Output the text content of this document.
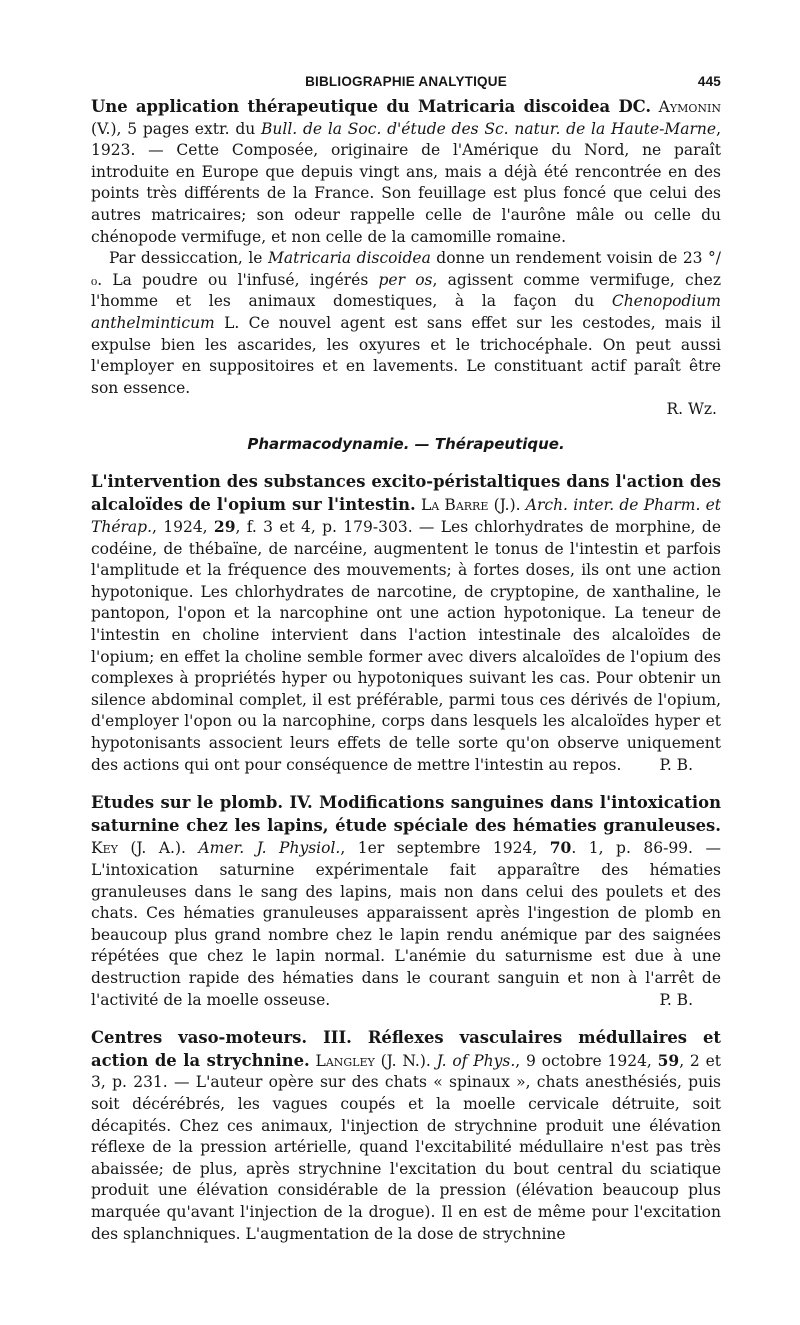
BIBLIOGRAPHIE ANALYTIQUE	445

Une application thérapeutique du Matricaria discoidea DC. Aymonin (V.), 5 pages extr. du Bull. de la Soc. d'étude des Sc. natur. de la Haute-Marne, 1923. — Cette Composée, originaire de l'Amérique du Nord, ne paraît introduite en Europe que depuis vingt ans, mais a déjà été rencontrée en des points très différents de la France. Son feuillage est plus foncé que celui des autres matricaires; son odeur rappelle celle de l'aurône mâle ou celle du chénopode vermifuge, et non celle de la camomille romaine.

Par dessiccation, le Matricaria discoidea donne un rendement voisin de 23 °/₀. La poudre ou l'infusé, ingérés per os, agissent comme vermifuge, chez l'homme et les animaux domestiques, à la façon du Chenopodium anthelminticum L. Ce nouvel agent est sans effet sur les cestodes, mais il expulse bien les ascarides, les oxyures et le trichocéphale. On peut aussi l'employer en suppositoires et en lavements. Le constituant actif paraît être son essence.

R. Wz.
Pharmacodynamie. — Thérapeutique.

L'intervention des substances excito-péristaltiques dans l'action des alcaloïdes de l'opium sur l'intestin. La Barre (J.). Arch. inter. de Pharm. et Thérap., 1924, 29, f. 3 et 4, p. 179-303. — Les chlorhydrates de morphine, de codéine, de thébaïne, de narcéine, augmentent le tonus de l'intestin et parfois l'amplitude et la fréquence des mouvements; à fortes doses, ils ont une action hypotonique. Les chlorhydrates de narcotine, de cryptopine, de xanthaline, le pantopon, l'opon et la narcophine ont une action hypotonique. La teneur de l'intestin en choline intervient dans l'action intestinale des alcaloïdes de l'opium; en effet la choline semble former avec divers alcaloïdes de l'opium des complexes à propriétés hyper ou hypotoniques suivant les cas. Pour obtenir un silence abdominal complet, il est préférable, parmi tous ces dérivés de l'opium, d'employer l'opon ou la narcophine, corps dans lesquels les alcaloïdes hyper et hypotonisants associent leurs effets de telle sorte qu'on observe uniquement des actions qui ont pour conséquence de mettre l'intestin au repos. P. B.

Etudes sur le plomb. IV. Modifications sanguines dans l'intoxication saturnine chez les lapins, étude spéciale des hématies granuleuses. Key (J. A.). Amer. J. Physiol., 1er septembre 1924, 70. 1, p. 86-99. — L'intoxication saturnine expérimentale fait apparaître des hématies granuleuses dans le sang des lapins, mais non dans celui des poulets et des chats. Ces hématies granuleuses apparaissent après l'ingestion de plomb en beaucoup plus grand nombre chez le lapin rendu anémique par des saignées répétées que chez le lapin normal. L'anémie du saturnisme est due à une destruction rapide des hématies dans le courant sanguin et non à l'arrêt de l'activité de la moelle osseuse.	P. B.

Centres vaso-moteurs. III. Réflexes vasculaires médullaires et action de la strychnine. Langley (J. N.). J. of Phys., 9 octobre 1924, 59, 2 et 3, p. 231. — L'auteur opère sur des chats « spinaux », chats anesthésiés, puis soit décérébrés, les vagues coupés et la moelle cervicale détruite, soit décapités. Chez ces animaux, l'injection de strychnine produit une élévation réflexe de la pression artérielle, quand l'excitabilité médullaire n'est pas très abaissée; de plus, après strychnine l'excitation du bout central du sciatique produit une élévation considérable de la pression (élévation beaucoup plus marquée qu'avant l'injection de la drogue). Il en est de même pour l'excitation des splanchniques. L'augmentation de la dose de strychnine
